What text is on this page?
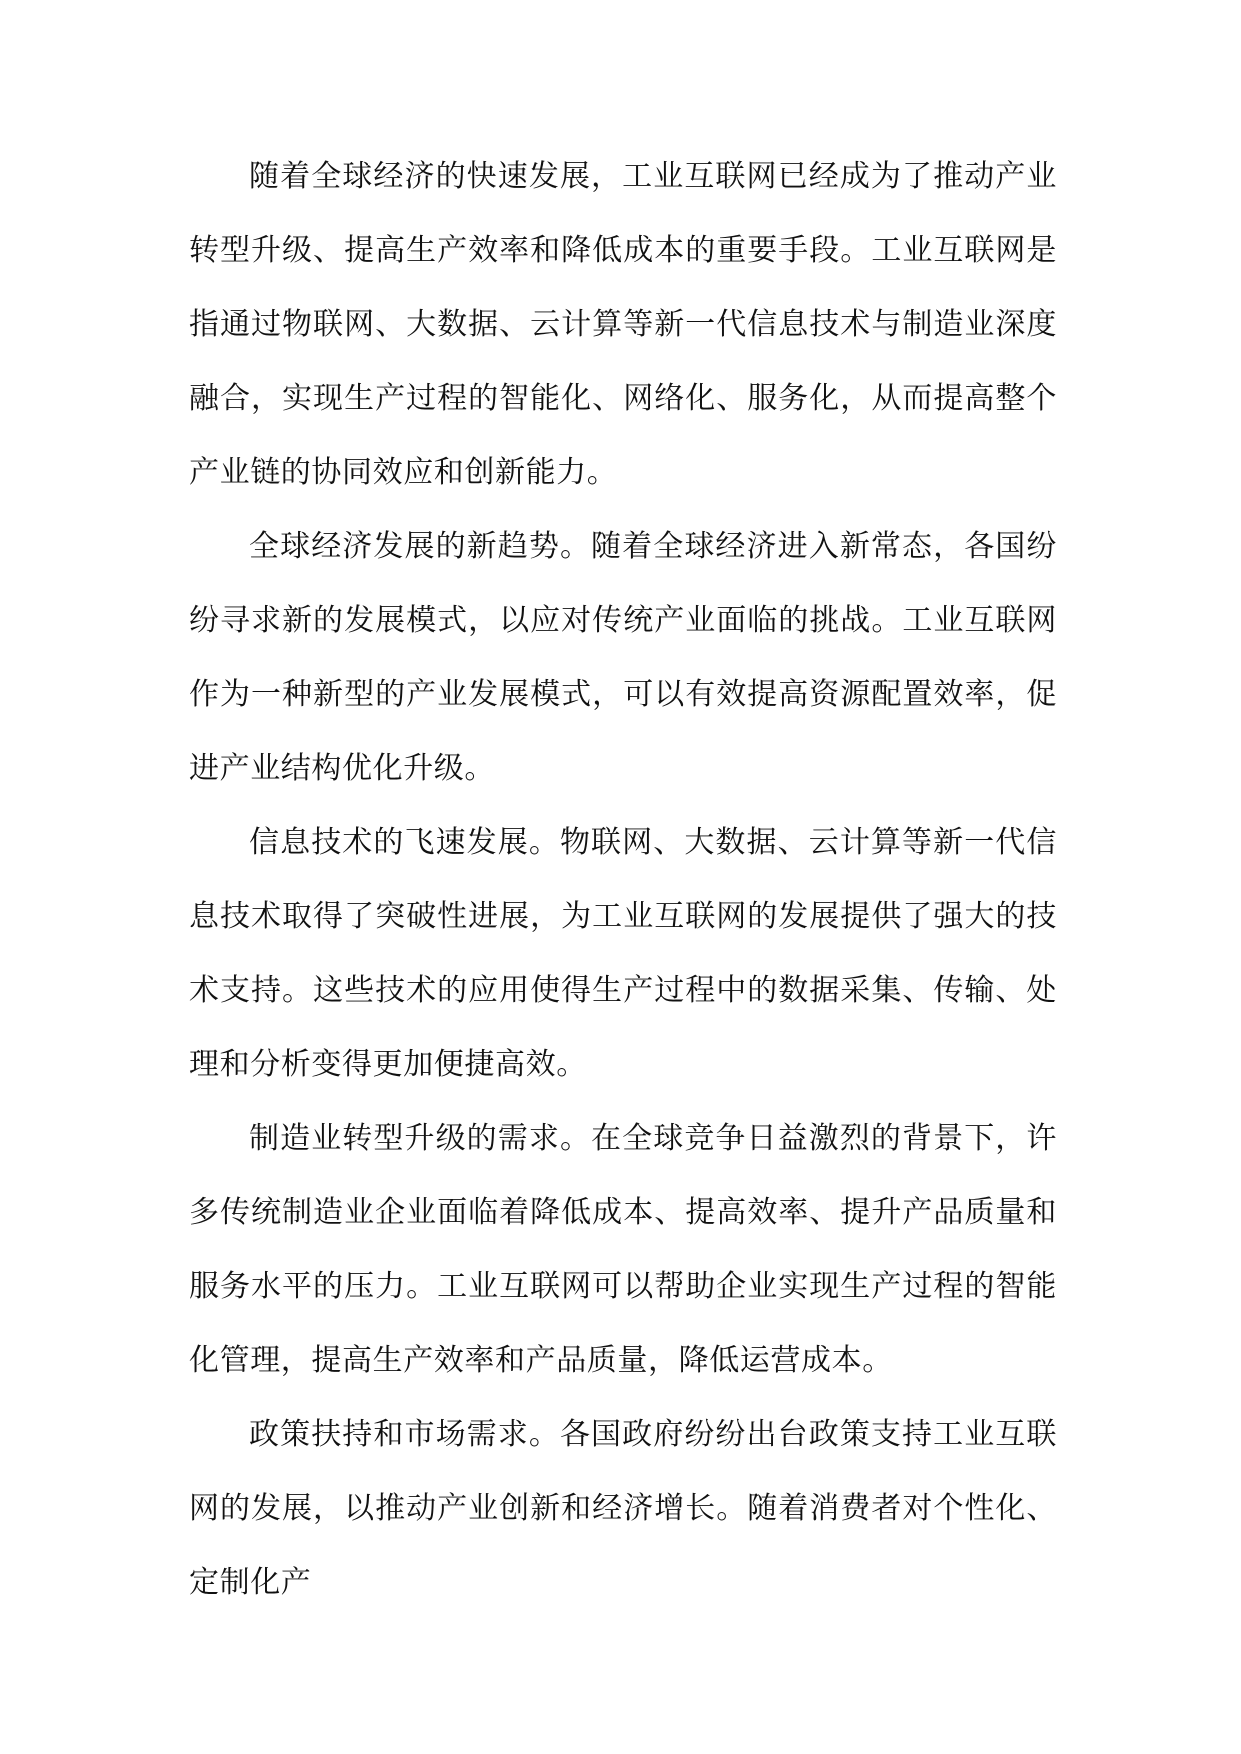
随着全球经济的快速发展，工业互联网已经成为了推动产业转型升级、提高生产效率和降低成本的重要手段。工业互联网是指通过物联网、大数据、云计算等新一代信息技术与制造业深度融合，实现生产过程的智能化、网络化、服务化，从而提高整个产业链的协同效应和创新能力。

全球经济发展的新趋势。随着全球经济进入新常态，各国纷纷寻求新的发展模式，以应对传统产业面临的挑战。工业互联网作为一种新型的产业发展模式，可以有效提高资源配置效率，促进产业结构优化升级。

信息技术的飞速发展。物联网、大数据、云计算等新一代信息技术取得了突破性进展，为工业互联网的发展提供了强大的技术支持。这些技术的应用使得生产过程中的数据采集、传输、处理和分析变得更加便捷高效。

制造业转型升级的需求。在全球竞争日益激烈的背景下，许多传统制造业企业面临着降低成本、提高效率、提升产品质量和服务水平的压力。工业互联网可以帮助企业实现生产过程的智能化管理，提高生产效率和产品质量，降低运营成本。

政策扶持和市场需求。各国政府纷纷出台政策支持工业互联网的发展，以推动产业创新和经济增长。随着消费者对个性化、定制化产
